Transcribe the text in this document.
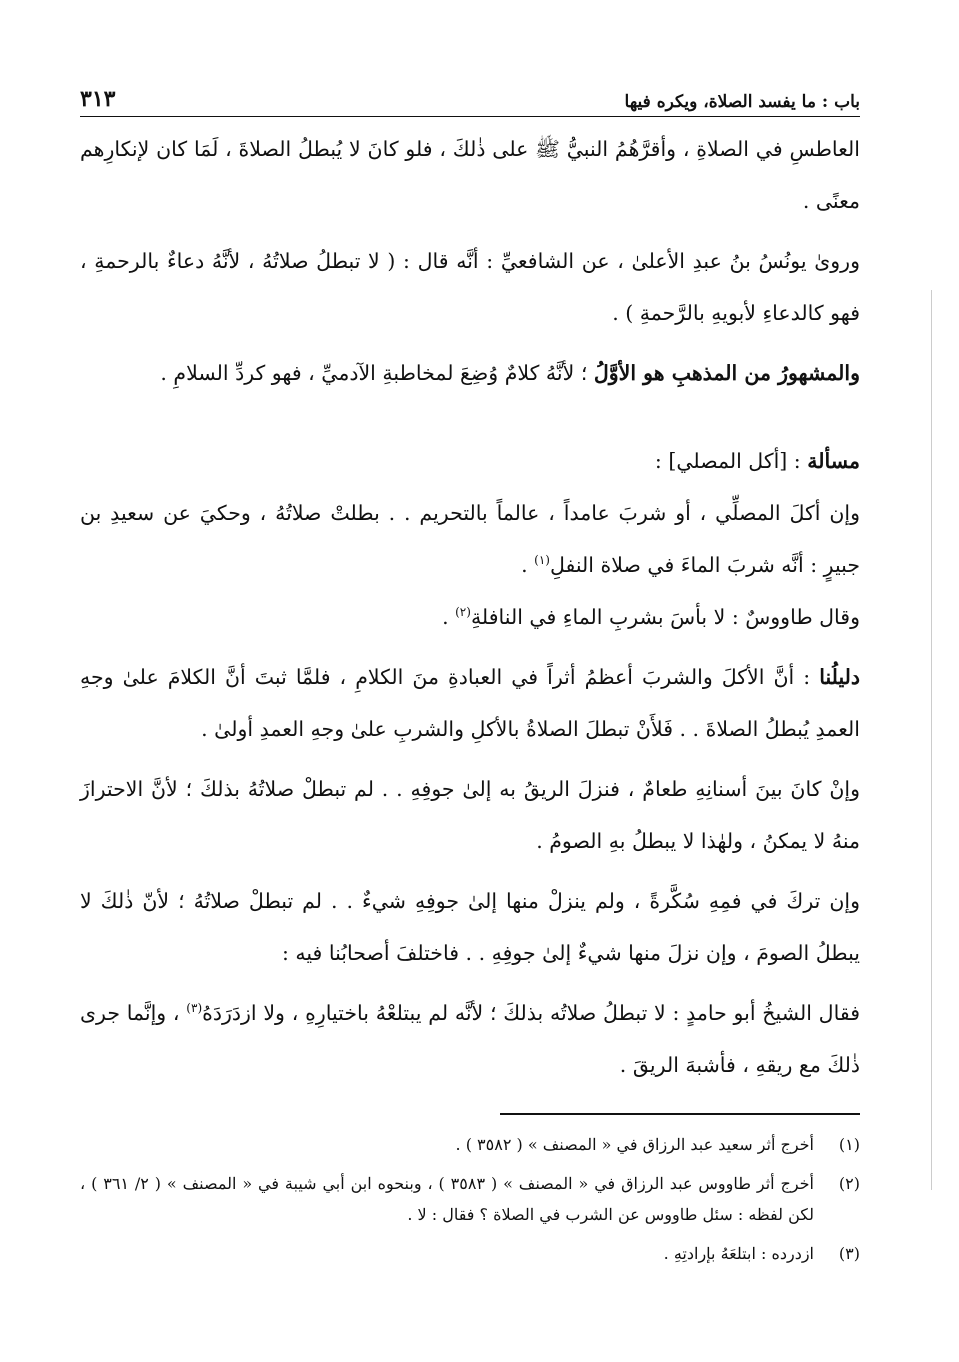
باب : ما يفسد الصلاة، ويكره فيها
٣١٣

العاطسِ في الصلاةِ ، وأقرَّهُمُ النبيُّ ﷺ على ذٰلكَ ، فلو كانَ لا يُبطلُ الصلاةَ ، لَمَا كان لإنكارِهم معنًى .

وروىٰ يونُسُ بنُ عبدِ الأعلىٰ ، عن الشافعيِّ : أنَّه قال : ( لا تبطلُ صلاتُهُ ، لأنَّهُ دعاءٌ بالرحمةِ ، فهو كالدعاءِ لأبويهِ بالرَّحمةِ ) .

والمشهورُ من المذهبِ هو الأوَّلُ ؛ لأنَّهُ كلامٌ وُضِعَ لمخاطبةِ الآدميِّ ، فهو كردِّ السلامِ .

مسألة : [أكل المصلي] :

وإن أكلَ المصلِّي ، أو شربَ عامداً ، عالماً بالتحريم . . بطلتْ صلاتُهُ ، وحكيَ عن سعيدِ بن جبيرٍ : أنَّه شربَ الماءَ في صلاة النفلِ$^{(١)}$ .

وقال طاووسٌ : لا بأسَ بشربِ الماءِ في النافلةِ$^{(٢)}$ .

دليلُنا : أنَّ الأكلَ والشربَ أعظمُ أثراً في العبادةِ منَ الكلامِ ، فلمَّا ثبتَ أنَّ الكلامَ علىٰ وجهِ العمدِ يُبطلُ الصلاةَ . . فَلأَنْ تبطلَ الصلاةُ بالأكلِ والشربِ علىٰ وجهِ العمدِ أولىٰ .

وإنْ كانَ بينَ أسنانِهِ طعامٌ ، فنزلَ الريقُ به إلىٰ جوفِهِ . . لم تبطلْ صلاتُهُ بذلكَ ؛ لأنَّ الاحترازَ منهُ لا يمكنُ ، ولهٰذا لا يبطلُ بهِ الصومُ .

وإن تركَ في فمِهِ سُكَّرةً ، ولم ينزلْ منها إلىٰ جوفِهِ شيءٌ . . لم تبطلْ صلاتُهُ ؛ لأنّ ذٰلكَ لا يبطلُ الصومَ ، وإن نزلَ منها شيءٌ إلىٰ جوفِهِ . . فاختلفَ أصحابُنا فيه :

فقال الشيخُ أبو حامدٍ : لا تبطلُ صلاتُه بذلكَ ؛ لأنَّه لم يبتلعْهُ باختيارِهِ ، ولا ازدَرَدَهُ$^{(٣)}$ ، وإنَّما جرى ذٰلكَ مع ريقهِ ، فأشبهَ الريقَ .

(١)
أخرج أثر سعيد عبد الرزاق في « المصنف » ( ٣٥٨٢ ) .
(٢)
أخرج أثر طاووس عبد الرزاق في « المصنف » ( ٣٥٨٣ ) ، وبنحوه ابن أبي شيبة في « المصنف » ( ٢/ ٣٦١ ) ، لكن لفظه : سئل طاووس عن الشرب في الصلاة ؟ فقال : لا .
(٣)
ازدرده : ابتلعَهُ بإرادتِهِ .
